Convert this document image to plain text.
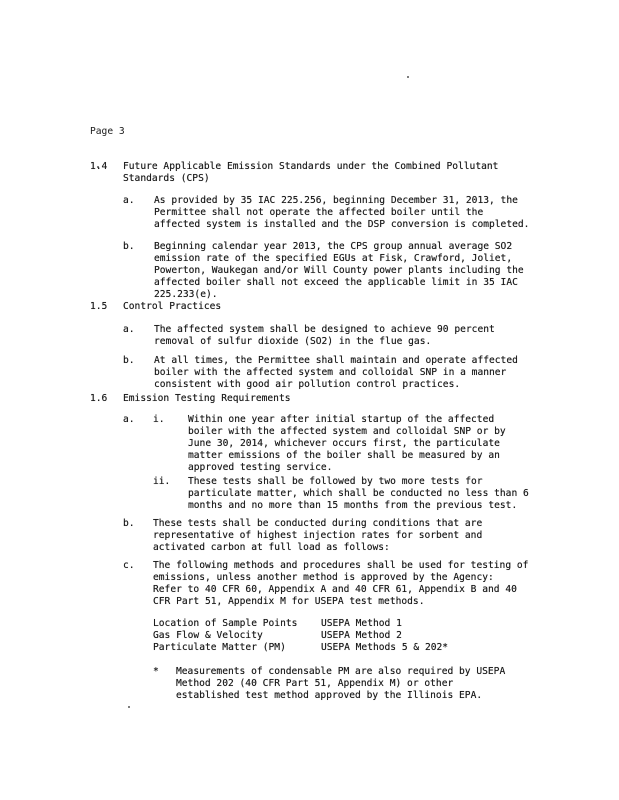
Page 3
1.4 Future Applicable Emission Standards under the Combined Pollutant
Standards (CPS)
a. As provided by 35 IAC 225.256, beginning December 31, 2013, the
Permittee shall not operate the affected boiler until the
affected system is installed and the DSP conversion is completed.
b. Beginning calendar year 2013, the CPS group annual average SO2
emission rate of the specified EGUs at Fisk, Crawford, Joliet,
Powerton, Waukegan and/or Will County power plants including the
affected boiler shall not exceed the applicable limit in 35 IAC
225.233(e).
1.5 Control Practices
a. The affected system shall be designed to achieve 90 percent
removal of sulfur dioxide (SO2) in the flue gas.
b. At all times, the Permittee shall maintain and operate affected
boiler with the affected system and colloidal SNP in a manner
consistent with good air pollution control practices.
1.6 Emission Testing Requirements
a. i. Within one year after initial startup of the affected
boiler with the affected system and colloidal SNP or by
June 30, 2014, whichever occurs first, the particulate
matter emissions of the boiler shall be measured by an
approved testing service.
ii. These tests shall be followed by two more tests for
particulate matter, which shall be conducted no less than 6
months and no more than 15 months from the previous test.
b. These tests shall be conducted during conditions that are
representative of highest injection rates for sorbent and
activated carbon at full load as follows:
c. The following methods and procedures shall be used for testing of
emissions, unless another method is approved by the Agency:
Refer to 40 CFR 60, Appendix A and 40 CFR 61, Appendix B and 40
CFR Part 51, Appendix M for USEPA test methods.
Location of Sample Points USEPA Method 1
Gas Flow & Velocity	USEPA Method 2
Particulate Matter (PM)	USEPA Methods 5 & 202*
* Measurements of condensable PM are also required by USEPA
Method 202 (40 CFR Part 51, Appendix M) or other
established test method approved by the Illinois EPA.
